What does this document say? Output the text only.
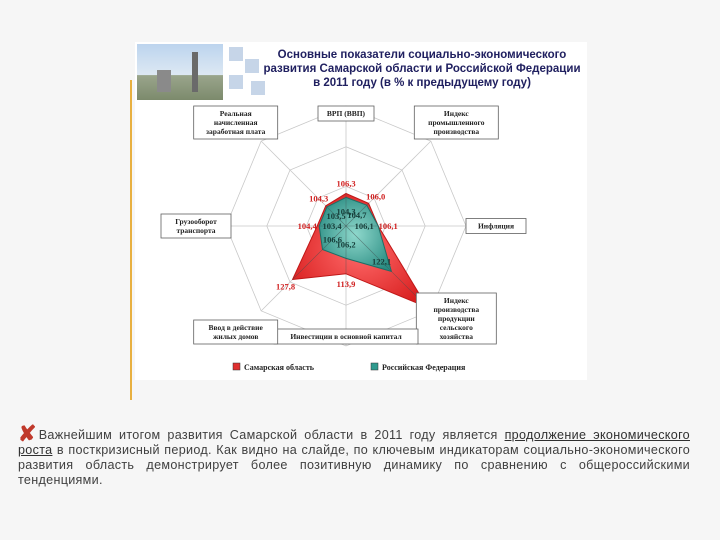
Основные показатели социально-экономического развития Самарской области и Российской Федерации в 2011 году (в % к предыдущему году)
106,3
106,0
106,1
113,9
127,8
104,4
104,3
104,3
104,7
106,1
122,1
106,2
106,6
103,4
103,5
ВРП (ВВП)	Индекс
промышленного
производства
Инфляция
Индекс
производства
продукции
сельского
хозяйства
Инвестиции в основной капитал
Ввод в действие
жилых домов
Грузооборот
транспорта
Реальная
начисленная
заработная плата
Самарская область	Российская Федерация
✘ Важнейшим итогом развития Самарской области в 2011 году является продолжение экономического роста в посткризисный период. Как видно на слайде, по ключевым индикаторам социально-экономического развития область демонстрирует более позитивную динамику по сравнению с общероссийскими тенденциями.
